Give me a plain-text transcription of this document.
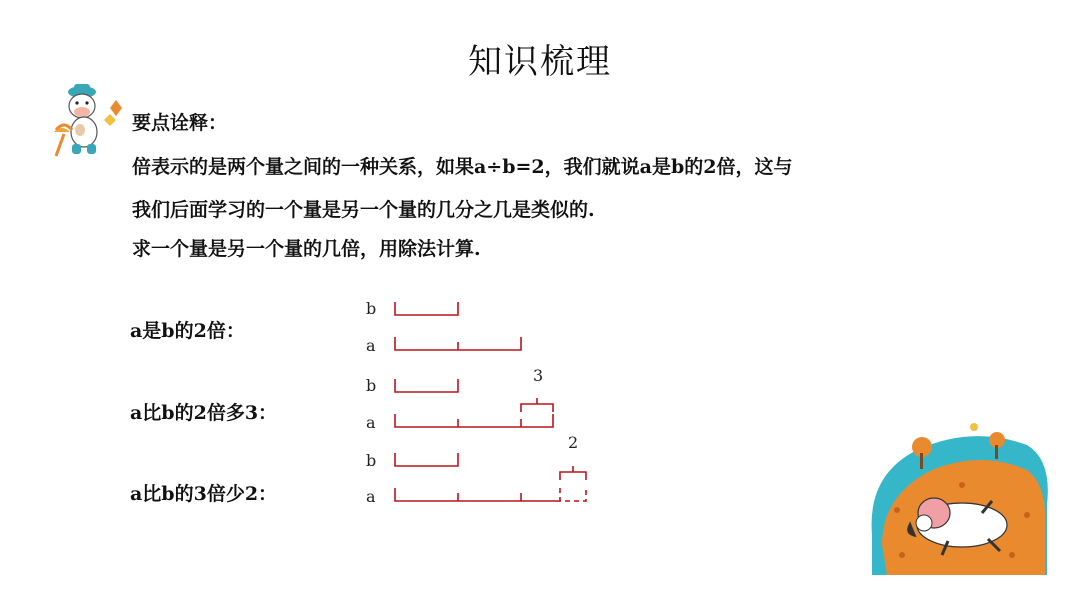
知识梳理
要点诠释：
倍表示的是两个量之间的一种关系，如果a÷b=2，我们就说a是b的2倍，这与
我们后面学习的一个量是另一个量的几分之几是类似的.
求一个量是另一个量的几倍，用除法计算.
a是b的2倍：
a比b的2倍多3：
a比b的3倍少2：
b
a
b
a
b
a
3
2
